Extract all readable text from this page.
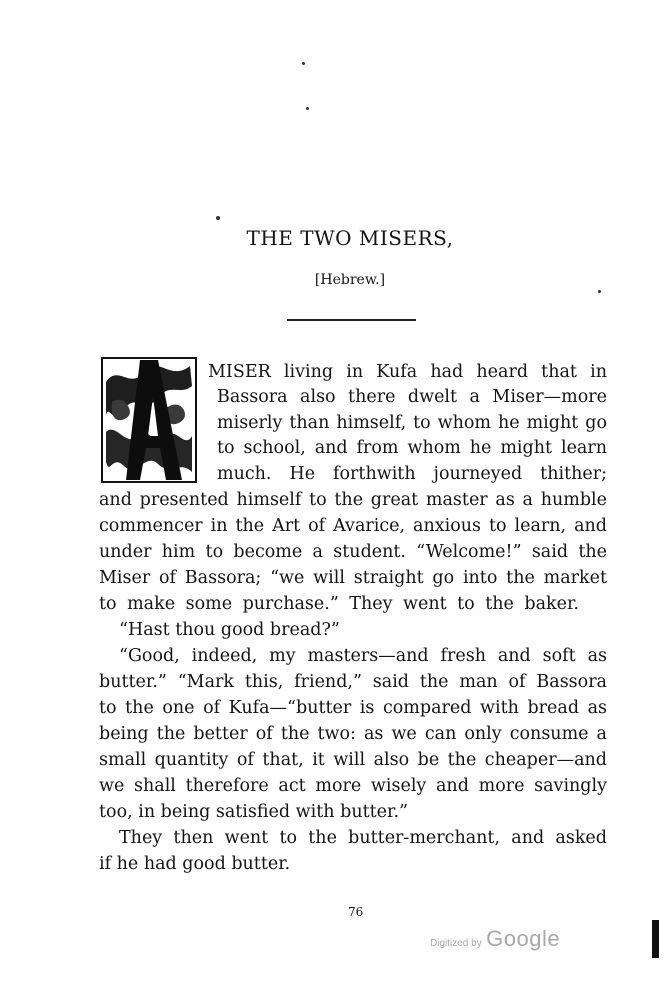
THE TWO MISERS,
[Hebrew.]
A
MISER living in Kufa had heard that in
Bassora also there dwelt a Miser—more
miserly than himself, to whom he might go
to school, and from whom he might learn
much. He forthwith journeyed thither;
and presented himself to the great master as a humble
commencer in the Art of Avarice, anxious to learn, and
under him to become a student. “Welcome!” said the
Miser of Bassora; “we will straight go into the market
to make some purchase.” They went to the baker.
“Hast thou good bread?”
“Good, indeed, my masters—and fresh and soft as
butter.” “Mark this, friend,” said the man of Bassora
to the one of Kufa—“butter is compared with bread as
being the better of the two: as we can only consume a
small quantity of that, it will also be the cheaper—and
we shall therefore act more wisely and more savingly
too, in being satisfied with butter.”
They then went to the butter-merchant, and asked
if he had good butter.
76
Digitized by Google
